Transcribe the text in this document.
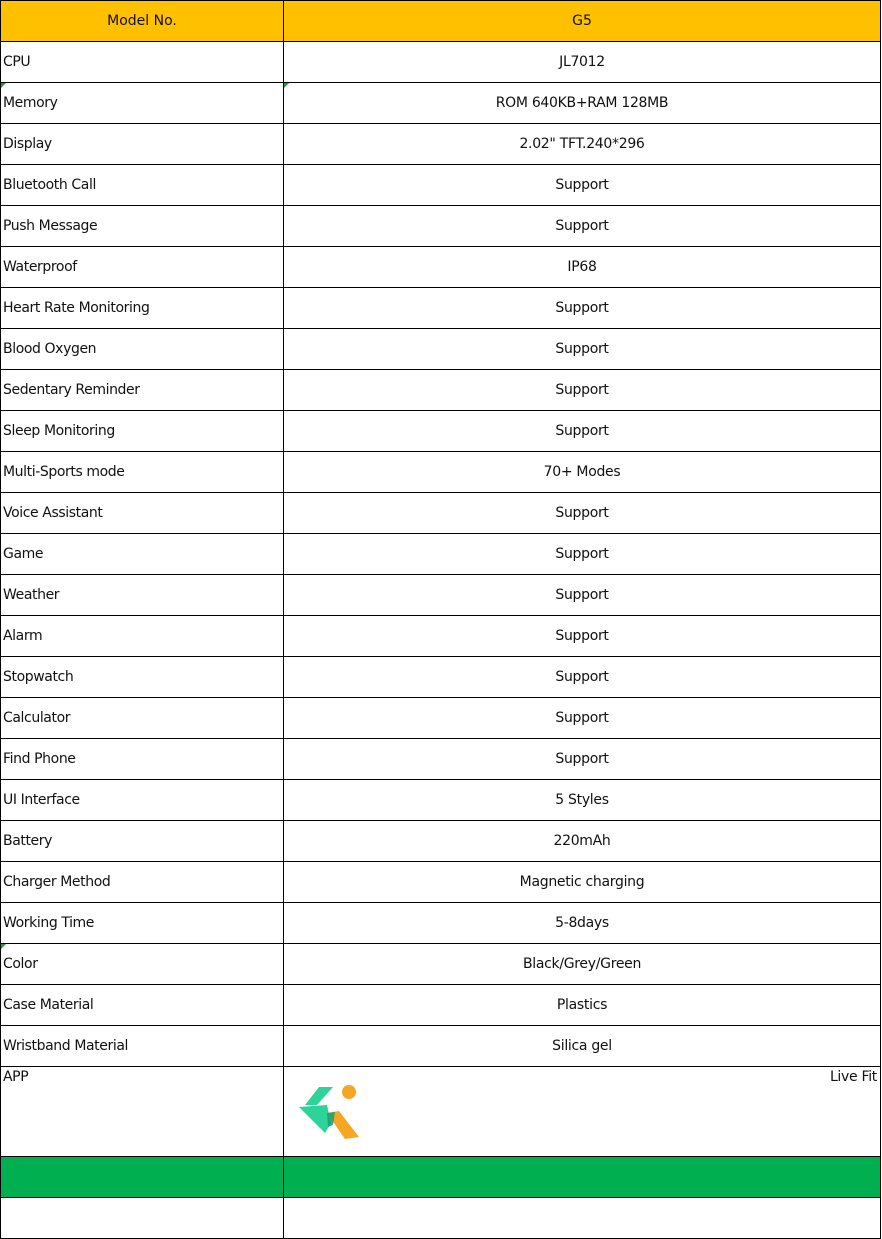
Model No.	G5
CPU	JL7012
Memory	ROM 640KB+RAM 128MB
Display	2.02" TFT.240*296
Bluetooth Call	Support
Push Message	Support
Waterproof	IP68
Heart Rate Monitoring	Support
Blood Oxygen	Support
Sedentary Reminder	Support
Sleep Monitoring	Support
Multi-Sports mode	70+ Modes
Voice Assistant	Support
Game	Support
Weather	Support
Alarm	Support
Stopwatch	Support
Calculator	Support
Find Phone	Support
UI Interface	5 Styles
Battery	220mAh
Charger Method	Magnetic charging
Working Time	5-8days
Color	Black/Grey/Green
Case Material	Plastics
Wristband Material	Silica gel
APP	Live Fit
